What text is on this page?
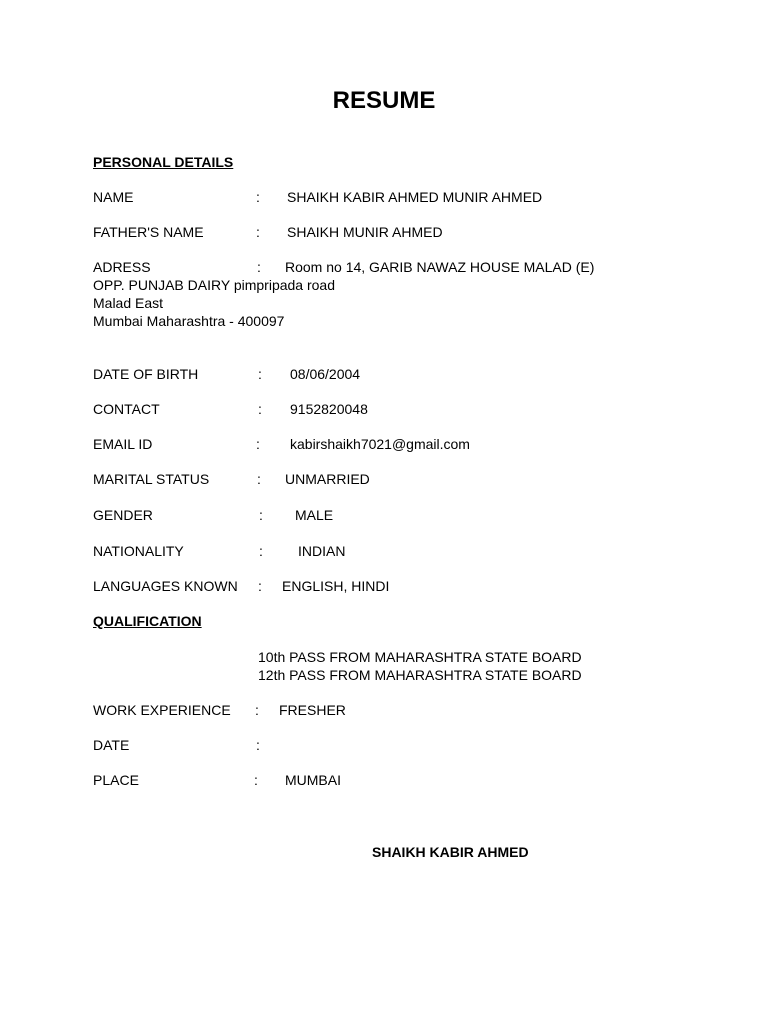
RESUME
PERSONAL DETAILS
NAME	: SHAIKH KABIR AHMED MUNIR AHMED
FATHER'S NAME	: SHAIKH MUNIR AHMED
ADRESS	: Room no 14, GARIB NAWAZ HOUSE MALAD (E)
OPP. PUNJAB DAIRY pimpripada road
Malad East
Mumbai Maharashtra - 400097
DATE OF BIRTH	: 08/06/2004
CONTACT	: 9152820048
EMAIL ID	: kabirshaikh7021@gmail.com
MARITAL STATUS	: UNMARRIED
GENDER	: MALE
NATIONALITY	:	INDIAN
LANGUAGES KNOWN : ENGLISH, HINDI
QUALIFICATION
10th PASS FROM MAHARASHTRA STATE BOARD
12th PASS FROM MAHARASHTRA STATE BOARD
WORK EXPERIENCE : FRESHER
DATE	:
PLACE	: MUMBAI
SHAIKH KABIR AHMED
